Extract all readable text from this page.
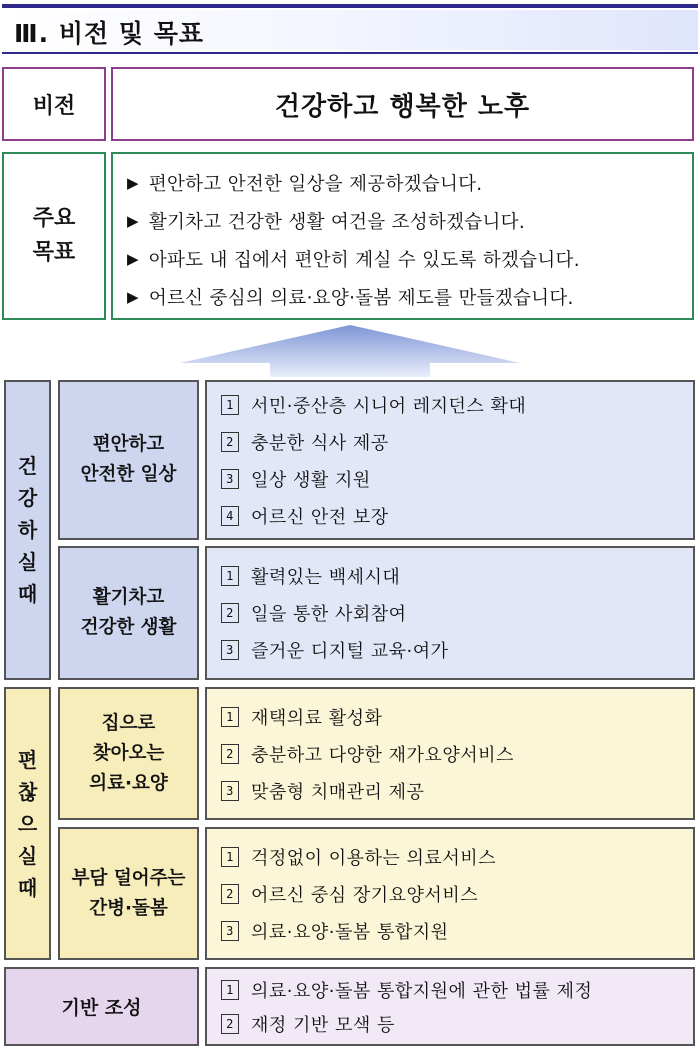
Ⅲ. 비전 및 목표
비전	건강하고 행복한 노후
주요
목표
▶ 편안하고 안전한 일상을 제공하겠습니다.
▶ 활기차고 건강한 생활 여건을 조성하겠습니다.
▶ 아파도 내 집에서 편안히 계실 수 있도록 하겠습니다.
▶ 어르신 중심의 의료·요양·돌봄 제도를 만들겠습니다.
건
강
하
실
때
편안하고
안전한 일상
1 서민·중산층 시니어 레지던스 확대
2 충분한 식사 제공
3 일상 생활 지원
4 어르신 안전 보장
활기차고
건강한 생활
1 활력있는 백세시대
2 일을 통한 사회참여
3 즐거운 디지털 교육·여가
편
찮
으
실
때
집으로
찾아오는
의료·요양
1 재택의료 활성화
2 충분하고 다양한 재가요양서비스
3 맞춤형 치매관리 제공
부담 덜어주는
간병·돌봄
1 걱정없이 이용하는 의료서비스
2 어르신 중심 장기요양서비스
3 의료·요양·돌봄 통합지원
기반 조성
1 의료·요양·돌봄 통합지원에 관한 법률 제정
2 재정 기반 모색 등
